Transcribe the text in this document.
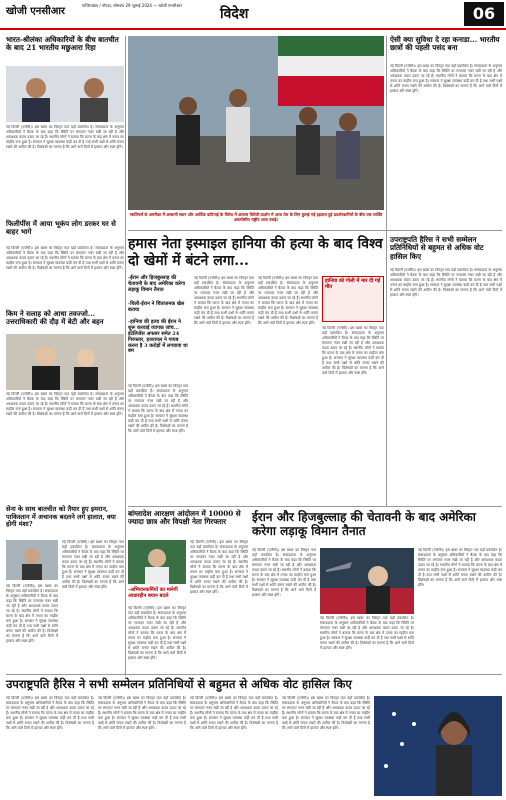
खोजी एनसीआर
गाजियाबाद / नोएडा, सोमवार 29 जुलाई 2024 — खोजी एनसीआर
विदेश	06
भारत-श्रीलंका अधिकारियों के बीच बातचीत के बाद 21 भारतीय मछुआरा रिहा
नई दिल्ली (एजेंसी)। इस खबर का विस्तृत पाठ यहाँ प्रकाशित है। संवाददाता के अनुसार अधिकारियों ने बैठक के बाद कहा कि स्थिति पर लगातार नजर रखी जा रही है और आवश्यक कदम उठाए जा रहे हैं। स्थानीय लोगों ने बताया कि घटना के बाद क्षेत्र में तनाव का माहौल बना हुआ है। सरकार ने सुरक्षा व्यवस्था कड़ी कर दी है तथा सभी पक्षों से शांति बनाए रखने की अपील की है। विशेषज्ञों का मानना है कि आने वाले दिनों में हालात और स्पष्ट होंगे।
ग्वालियर्स के अमरीका में अस्थायी स्थान और आर्थिक कठिनाई के विरोध में आवास विरोधी प्रदर्शन में आज तेल के लिए बुलाई गई हड़ताल हुई प्रदर्शनकारियों के बीच एक व्यक्ति अफसोसीय राष्ट्रीय ध्वज पकड़े।
ऐसी क्या सुविधा दे रहा कनाडा... भारतीय छात्रों की पहली पसंद बना
नई दिल्ली (एजेंसी)। इस खबर का विस्तृत पाठ यहाँ प्रकाशित है। संवाददाता के अनुसार अधिकारियों ने बैठक के बाद कहा कि स्थिति पर लगातार नजर रखी जा रही है और आवश्यक कदम उठाए जा रहे हैं। स्थानीय लोगों ने बताया कि घटना के बाद क्षेत्र में तनाव का माहौल बना हुआ है। सरकार ने सुरक्षा व्यवस्था कड़ी कर दी है तथा सभी पक्षों से शांति बनाए रखने की अपील की है। विशेषज्ञों का मानना है कि आने वाले दिनों में हालात और स्पष्ट होंगे।
फिलीपींस में आया भूकंप लोग डरकर घर से बाहर भागे
नई दिल्ली (एजेंसी)। इस खबर का विस्तृत पाठ यहाँ प्रकाशित है। संवाददाता के अनुसार अधिकारियों ने बैठक के बाद कहा कि स्थिति पर लगातार नजर रखी जा रही है और आवश्यक कदम उठाए जा रहे हैं। स्थानीय लोगों ने बताया कि घटना के बाद क्षेत्र में तनाव का माहौल बना हुआ है। सरकार ने सुरक्षा व्यवस्था कड़ी कर दी है तथा सभी पक्षों से शांति बनाए रखने की अपील की है। विशेषज्ञों का मानना है कि आने वाले दिनों में हालात और स्पष्ट होंगे।
किम ने सलाह को आधा तवज्जो... उत्तराधिकारी की दौड़ में बेटी और बहन
नई दिल्ली (एजेंसी)। इस खबर का विस्तृत पाठ यहाँ प्रकाशित है। संवाददाता के अनुसार अधिकारियों ने बैठक के बाद कहा कि स्थिति पर लगातार नजर रखी जा रही है और आवश्यक कदम उठाए जा रहे हैं। स्थानीय लोगों ने बताया कि घटना के बाद क्षेत्र में तनाव का माहौल बना हुआ है। सरकार ने सुरक्षा व्यवस्था कड़ी कर दी है तथा सभी पक्षों से शांति बनाए रखने की अपील की है। विशेषज्ञों का मानना है कि आने वाले दिनों में हालात और स्पष्ट होंगे।
हमास नेता इस्माइल हानिया की हत्या के बाद विश्व दो खेमों में बंटने लगा...
-ईरान और हिजबुल्लाह की चेतावनी के बाद अमेरिका करेगा लड़ाकू विमान तैनात
-चिली-ईरान ने चिंताजनक खेल बताया
-हानिया की हत्या की ईरान ने शुरू करवाई व्यापक जांच... इंटेलिजेंस अफसर समेत 24 गिरफ्तार, इजरायल ने गायब करना है 3 करोड़ों में लगवाया था बम
नई दिल्ली (एजेंसी)। इस खबर का विस्तृत पाठ यहाँ प्रकाशित है। संवाददाता के अनुसार अधिकारियों ने बैठक के बाद कहा कि स्थिति पर लगातार नजर रखी जा रही है और आवश्यक कदम उठाए जा रहे हैं। स्थानीय लोगों ने बताया कि घटना के बाद क्षेत्र में तनाव का माहौल बना हुआ है। सरकार ने सुरक्षा व्यवस्था कड़ी कर दी है तथा सभी पक्षों से शांति बनाए रखने की अपील की है। विशेषज्ञों का मानना है कि आने वाले दिनों में हालात और स्पष्ट होंगे।
नई दिल्ली (एजेंसी)। इस खबर का विस्तृत पाठ यहाँ प्रकाशित है। संवाददाता के अनुसार अधिकारियों ने बैठक के बाद कहा कि स्थिति पर लगातार नजर रखी जा रही है और आवश्यक कदम उठाए जा रहे हैं। स्थानीय लोगों ने बताया कि घटना के बाद क्षेत्र में तनाव का माहौल बना हुआ है। सरकार ने सुरक्षा व्यवस्था कड़ी कर दी है तथा सभी पक्षों से शांति बनाए रखने की अपील की है। विशेषज्ञों का मानना है कि आने वाले दिनों में हालात और स्पष्ट होंगे।
नई दिल्ली (एजेंसी)। इस खबर का विस्तृत पाठ यहाँ प्रकाशित है। संवाददाता के अनुसार अधिकारियों ने बैठक के बाद कहा कि स्थिति पर लगातार नजर रखी जा रही है और आवश्यक कदम उठाए जा रहे हैं। स्थानीय लोगों ने बताया कि घटना के बाद क्षेत्र में तनाव का माहौल बना हुआ है। सरकार ने सुरक्षा व्यवस्था कड़ी कर दी है तथा सभी पक्षों से शांति बनाए रखने की अपील की है। विशेषज्ञों का मानना है कि आने वाले दिनों में हालात और स्पष्ट होंगे।
हानिया को गोली में मार दी गई मौत
नई दिल्ली (एजेंसी)। इस खबर का विस्तृत पाठ यहाँ प्रकाशित है। संवाददाता के अनुसार अधिकारियों ने बैठक के बाद कहा कि स्थिति पर लगातार नजर रखी जा रही है और आवश्यक कदम उठाए जा रहे हैं। स्थानीय लोगों ने बताया कि घटना के बाद क्षेत्र में तनाव का माहौल बना हुआ है। सरकार ने सुरक्षा व्यवस्था कड़ी कर दी है तथा सभी पक्षों से शांति बनाए रखने की अपील की है। विशेषज्ञों का मानना है कि आने वाले दिनों में हालात और स्पष्ट होंगे।
उपराष्ट्रपति हैरिस ने सभी सम्मेलन प्रतिनिधियों से बहुमत से अधिक वोट हासिल किए
नई दिल्ली (एजेंसी)। इस खबर का विस्तृत पाठ यहाँ प्रकाशित है। संवाददाता के अनुसार अधिकारियों ने बैठक के बाद कहा कि स्थिति पर लगातार नजर रखी जा रही है और आवश्यक कदम उठाए जा रहे हैं। स्थानीय लोगों ने बताया कि घटना के बाद क्षेत्र में तनाव का माहौल बना हुआ है। सरकार ने सुरक्षा व्यवस्था कड़ी कर दी है तथा सभी पक्षों से शांति बनाए रखने की अपील की है। विशेषज्ञों का मानना है कि आने वाले दिनों में हालात और स्पष्ट होंगे।
बांग्लादेश आरक्षण आंदोलन में 10000 से ज्यादा छात्र और विपक्षी नेता गिरफ्तार
-अभियानकर्मियों का मानेगी आधारहीन बयान बदले
नई दिल्ली (एजेंसी)। इस खबर का विस्तृत पाठ यहाँ प्रकाशित है। संवाददाता के अनुसार अधिकारियों ने बैठक के बाद कहा कि स्थिति पर लगातार नजर रखी जा रही है और आवश्यक कदम उठाए जा रहे हैं। स्थानीय लोगों ने बताया कि घटना के बाद क्षेत्र में तनाव का माहौल बना हुआ है। सरकार ने सुरक्षा व्यवस्था कड़ी कर दी है तथा सभी पक्षों से शांति बनाए रखने की अपील की है। विशेषज्ञों का मानना है कि आने वाले दिनों में हालात और स्पष्ट होंगे।
नई दिल्ली (एजेंसी)। इस खबर का विस्तृत पाठ यहाँ प्रकाशित है। संवाददाता के अनुसार अधिकारियों ने बैठक के बाद कहा कि स्थिति पर लगातार नजर रखी जा रही है और आवश्यक कदम उठाए जा रहे हैं। स्थानीय लोगों ने बताया कि घटना के बाद क्षेत्र में तनाव का माहौल बना हुआ है। सरकार ने सुरक्षा व्यवस्था कड़ी कर दी है तथा सभी पक्षों से शांति बनाए रखने की अपील की है। विशेषज्ञों का मानना है कि आने वाले दिनों में हालात और स्पष्ट होंगे।
ईरान और हिजबुल्लाह की चेतावनी के बाद अमेरिका करेगा लड़ाकू विमान तैनात
नई दिल्ली (एजेंसी)। इस खबर का विस्तृत पाठ यहाँ प्रकाशित है। संवाददाता के अनुसार अधिकारियों ने बैठक के बाद कहा कि स्थिति पर लगातार नजर रखी जा रही है और आवश्यक कदम उठाए जा रहे हैं। स्थानीय लोगों ने बताया कि घटना के बाद क्षेत्र में तनाव का माहौल बना हुआ है। सरकार ने सुरक्षा व्यवस्था कड़ी कर दी है तथा सभी पक्षों से शांति बनाए रखने की अपील की है। विशेषज्ञों का मानना है कि आने वाले दिनों में हालात और स्पष्ट होंगे।
नई दिल्ली (एजेंसी)। इस खबर का विस्तृत पाठ यहाँ प्रकाशित है। संवाददाता के अनुसार अधिकारियों ने बैठक के बाद कहा कि स्थिति पर लगातार नजर रखी जा रही है और आवश्यक कदम उठाए जा रहे हैं। स्थानीय लोगों ने बताया कि घटना के बाद क्षेत्र में तनाव का माहौल बना हुआ है। सरकार ने सुरक्षा व्यवस्था कड़ी कर दी है तथा सभी पक्षों से शांति बनाए रखने की अपील की है। विशेषज्ञों का मानना है कि आने वाले दिनों में हालात और स्पष्ट होंगे।
नई दिल्ली (एजेंसी)। इस खबर का विस्तृत पाठ यहाँ प्रकाशित है। संवाददाता के अनुसार अधिकारियों ने बैठक के बाद कहा कि स्थिति पर लगातार नजर रखी जा रही है और आवश्यक कदम उठाए जा रहे हैं। स्थानीय लोगों ने बताया कि घटना के बाद क्षेत्र में तनाव का माहौल बना हुआ है। सरकार ने सुरक्षा व्यवस्था कड़ी कर दी है तथा सभी पक्षों से शांति बनाए रखने की अपील की है। विशेषज्ञों का मानना है कि आने वाले दिनों में हालात और स्पष्ट होंगे।
सेना के साथ बातचीत को तैयार हुए इमरान, पाकिस्तान में अचानक बदलने लगे हालात, क्या होगी मंशा?
नई दिल्ली (एजेंसी)। इस खबर का विस्तृत पाठ यहाँ प्रकाशित है। संवाददाता के अनुसार अधिकारियों ने बैठक के बाद कहा कि स्थिति पर लगातार नजर रखी जा रही है और आवश्यक कदम उठाए जा रहे हैं। स्थानीय लोगों ने बताया कि घटना के बाद क्षेत्र में तनाव का माहौल बना हुआ है। सरकार ने सुरक्षा व्यवस्था कड़ी कर दी है तथा सभी पक्षों से शांति बनाए रखने की अपील की है। विशेषज्ञों का मानना है कि आने वाले दिनों में हालात और स्पष्ट होंगे।
नई दिल्ली (एजेंसी)। इस खबर का विस्तृत पाठ यहाँ प्रकाशित है। संवाददाता के अनुसार अधिकारियों ने बैठक के बाद कहा कि स्थिति पर लगातार नजर रखी जा रही है और आवश्यक कदम उठाए जा रहे हैं। स्थानीय लोगों ने बताया कि घटना के बाद क्षेत्र में तनाव का माहौल बना हुआ है। सरकार ने सुरक्षा व्यवस्था कड़ी कर दी है तथा सभी पक्षों से शांति बनाए रखने की अपील की है। विशेषज्ञों का मानना है कि आने वाले दिनों में हालात और स्पष्ट होंगे।
उपराष्ट्रपति हैरिस ने सभी सम्मेलन प्रतिनिधियों से बहुमत से अधिक वोट हासिल किए
नई दिल्ली (एजेंसी)। इस खबर का विस्तृत पाठ यहाँ प्रकाशित है। संवाददाता के अनुसार अधिकारियों ने बैठक के बाद कहा कि स्थिति पर लगातार नजर रखी जा रही है और आवश्यक कदम उठाए जा रहे हैं। स्थानीय लोगों ने बताया कि घटना के बाद क्षेत्र में तनाव का माहौल बना हुआ है। सरकार ने सुरक्षा व्यवस्था कड़ी कर दी है तथा सभी पक्षों से शांति बनाए रखने की अपील की है। विशेषज्ञों का मानना है कि आने वाले दिनों में हालात और स्पष्ट होंगे।
नई दिल्ली (एजेंसी)। इस खबर का विस्तृत पाठ यहाँ प्रकाशित है। संवाददाता के अनुसार अधिकारियों ने बैठक के बाद कहा कि स्थिति पर लगातार नजर रखी जा रही है और आवश्यक कदम उठाए जा रहे हैं। स्थानीय लोगों ने बताया कि घटना के बाद क्षेत्र में तनाव का माहौल बना हुआ है। सरकार ने सुरक्षा व्यवस्था कड़ी कर दी है तथा सभी पक्षों से शांति बनाए रखने की अपील की है। विशेषज्ञों का मानना है कि आने वाले दिनों में हालात और स्पष्ट होंगे।
नई दिल्ली (एजेंसी)। इस खबर का विस्तृत पाठ यहाँ प्रकाशित है। संवाददाता के अनुसार अधिकारियों ने बैठक के बाद कहा कि स्थिति पर लगातार नजर रखी जा रही है और आवश्यक कदम उठाए जा रहे हैं। स्थानीय लोगों ने बताया कि घटना के बाद क्षेत्र में तनाव का माहौल बना हुआ है। सरकार ने सुरक्षा व्यवस्था कड़ी कर दी है तथा सभी पक्षों से शांति बनाए रखने की अपील की है। विशेषज्ञों का मानना है कि आने वाले दिनों में हालात और स्पष्ट होंगे।
नई दिल्ली (एजेंसी)। इस खबर का विस्तृत पाठ यहाँ प्रकाशित है। संवाददाता के अनुसार अधिकारियों ने बैठक के बाद कहा कि स्थिति पर लगातार नजर रखी जा रही है और आवश्यक कदम उठाए जा रहे हैं। स्थानीय लोगों ने बताया कि घटना के बाद क्षेत्र में तनाव का माहौल बना हुआ है। सरकार ने सुरक्षा व्यवस्था कड़ी कर दी है तथा सभी पक्षों से शांति बनाए रखने की अपील की है। विशेषज्ञों का मानना है कि आने वाले दिनों में हालात और स्पष्ट होंगे।
